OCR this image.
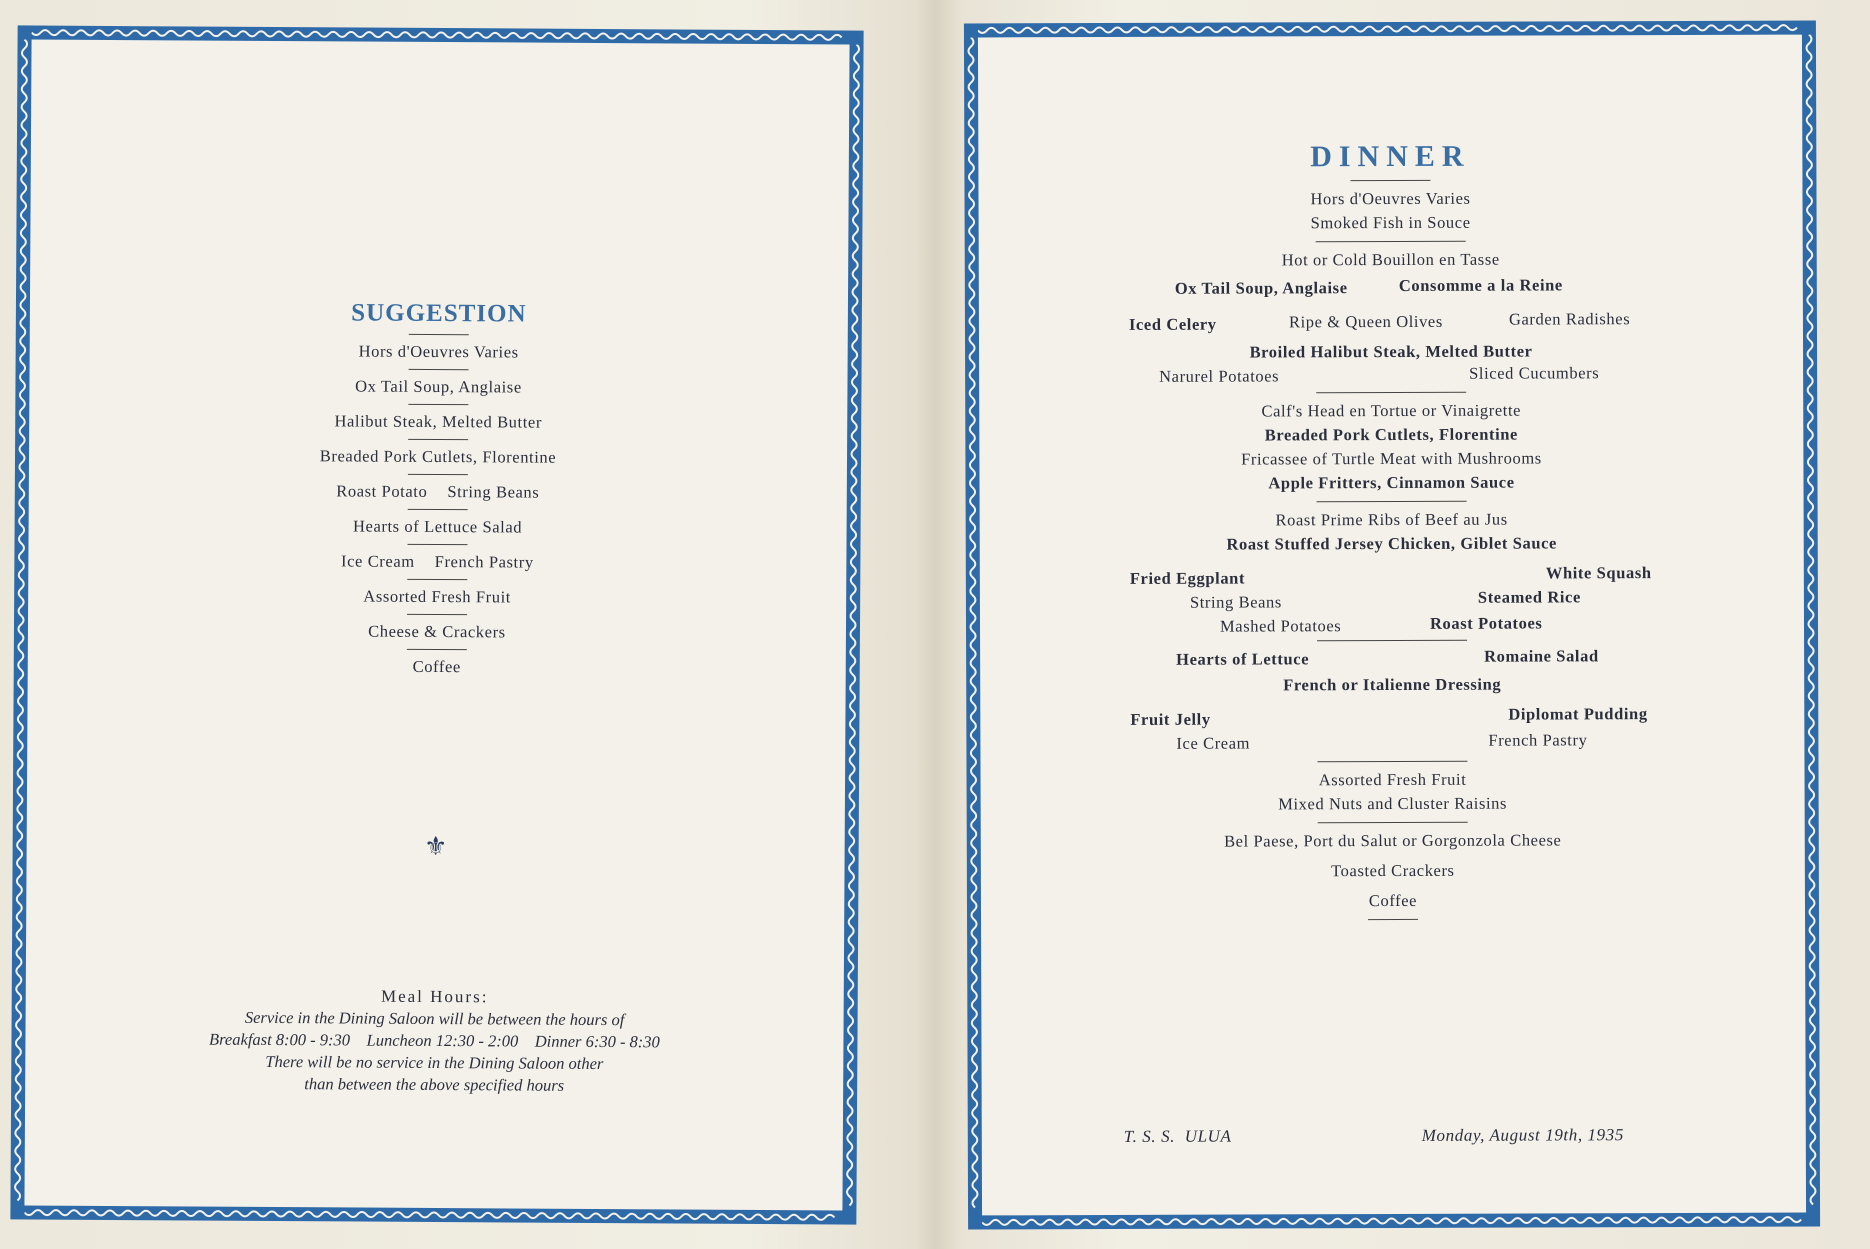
SUGGESTION

Hors d'Oeuvres Varies

Ox Tail Soup, Anglaise

Halibut Steak, Melted Butter

Breaded Pork Cutlets, Florentine

Roast Potato String Beans

Hearts of Lettuce Salad

Ice Cream French Pastry

Assorted Fresh Fruit

Cheese & Crackers

Coffee

⚜
Meal Hours:
Service in the Dining Saloon will be between the hours of
Breakfast 8:00 - 9:30    Luncheon 12:30 - 2:00    Dinner 6:30 - 8:30
There will be no service in the Dining Saloon other
than between the above specified hours
DINNER

Hors d'Oeuvres Varies

Smoked Fish in Souce

Hot or Cold Bouillon en Tasse

Ox Tail Soup, Anglaise	Consomme a la Reine
Iced Celery	Ripe & Queen Olives	Garden Radishes

Broiled Halibut Steak, Melted Butter

Narurel Potatoes	Sliced Cucumbers

Calf's Head en Tortue or Vinaigrette

Breaded Pork Cutlets, Florentine

Fricassee of Turtle Meat with Mushrooms

Apple Fritters, Cinnamon Sauce

Roast Prime Ribs of Beef au Jus

Roast Stuffed Jersey Chicken, Giblet Sauce

Fried Eggplant	White Squash
String Beans	Steamed Rice
Mashed Potatoes	Roast Potatoes
Hearts of Lettuce	Romaine Salad

French or Italienne Dressing

Fruit Jelly	Diplomat Pudding
Ice Cream	French Pastry

Assorted Fresh Fruit

Mixed Nuts and Cluster Raisins

Bel Paese, Port du Salut or Gorgonzola Cheese

Toasted Crackers

Coffee

T. S. S.  ULUA	Monday, August 19th, 1935
